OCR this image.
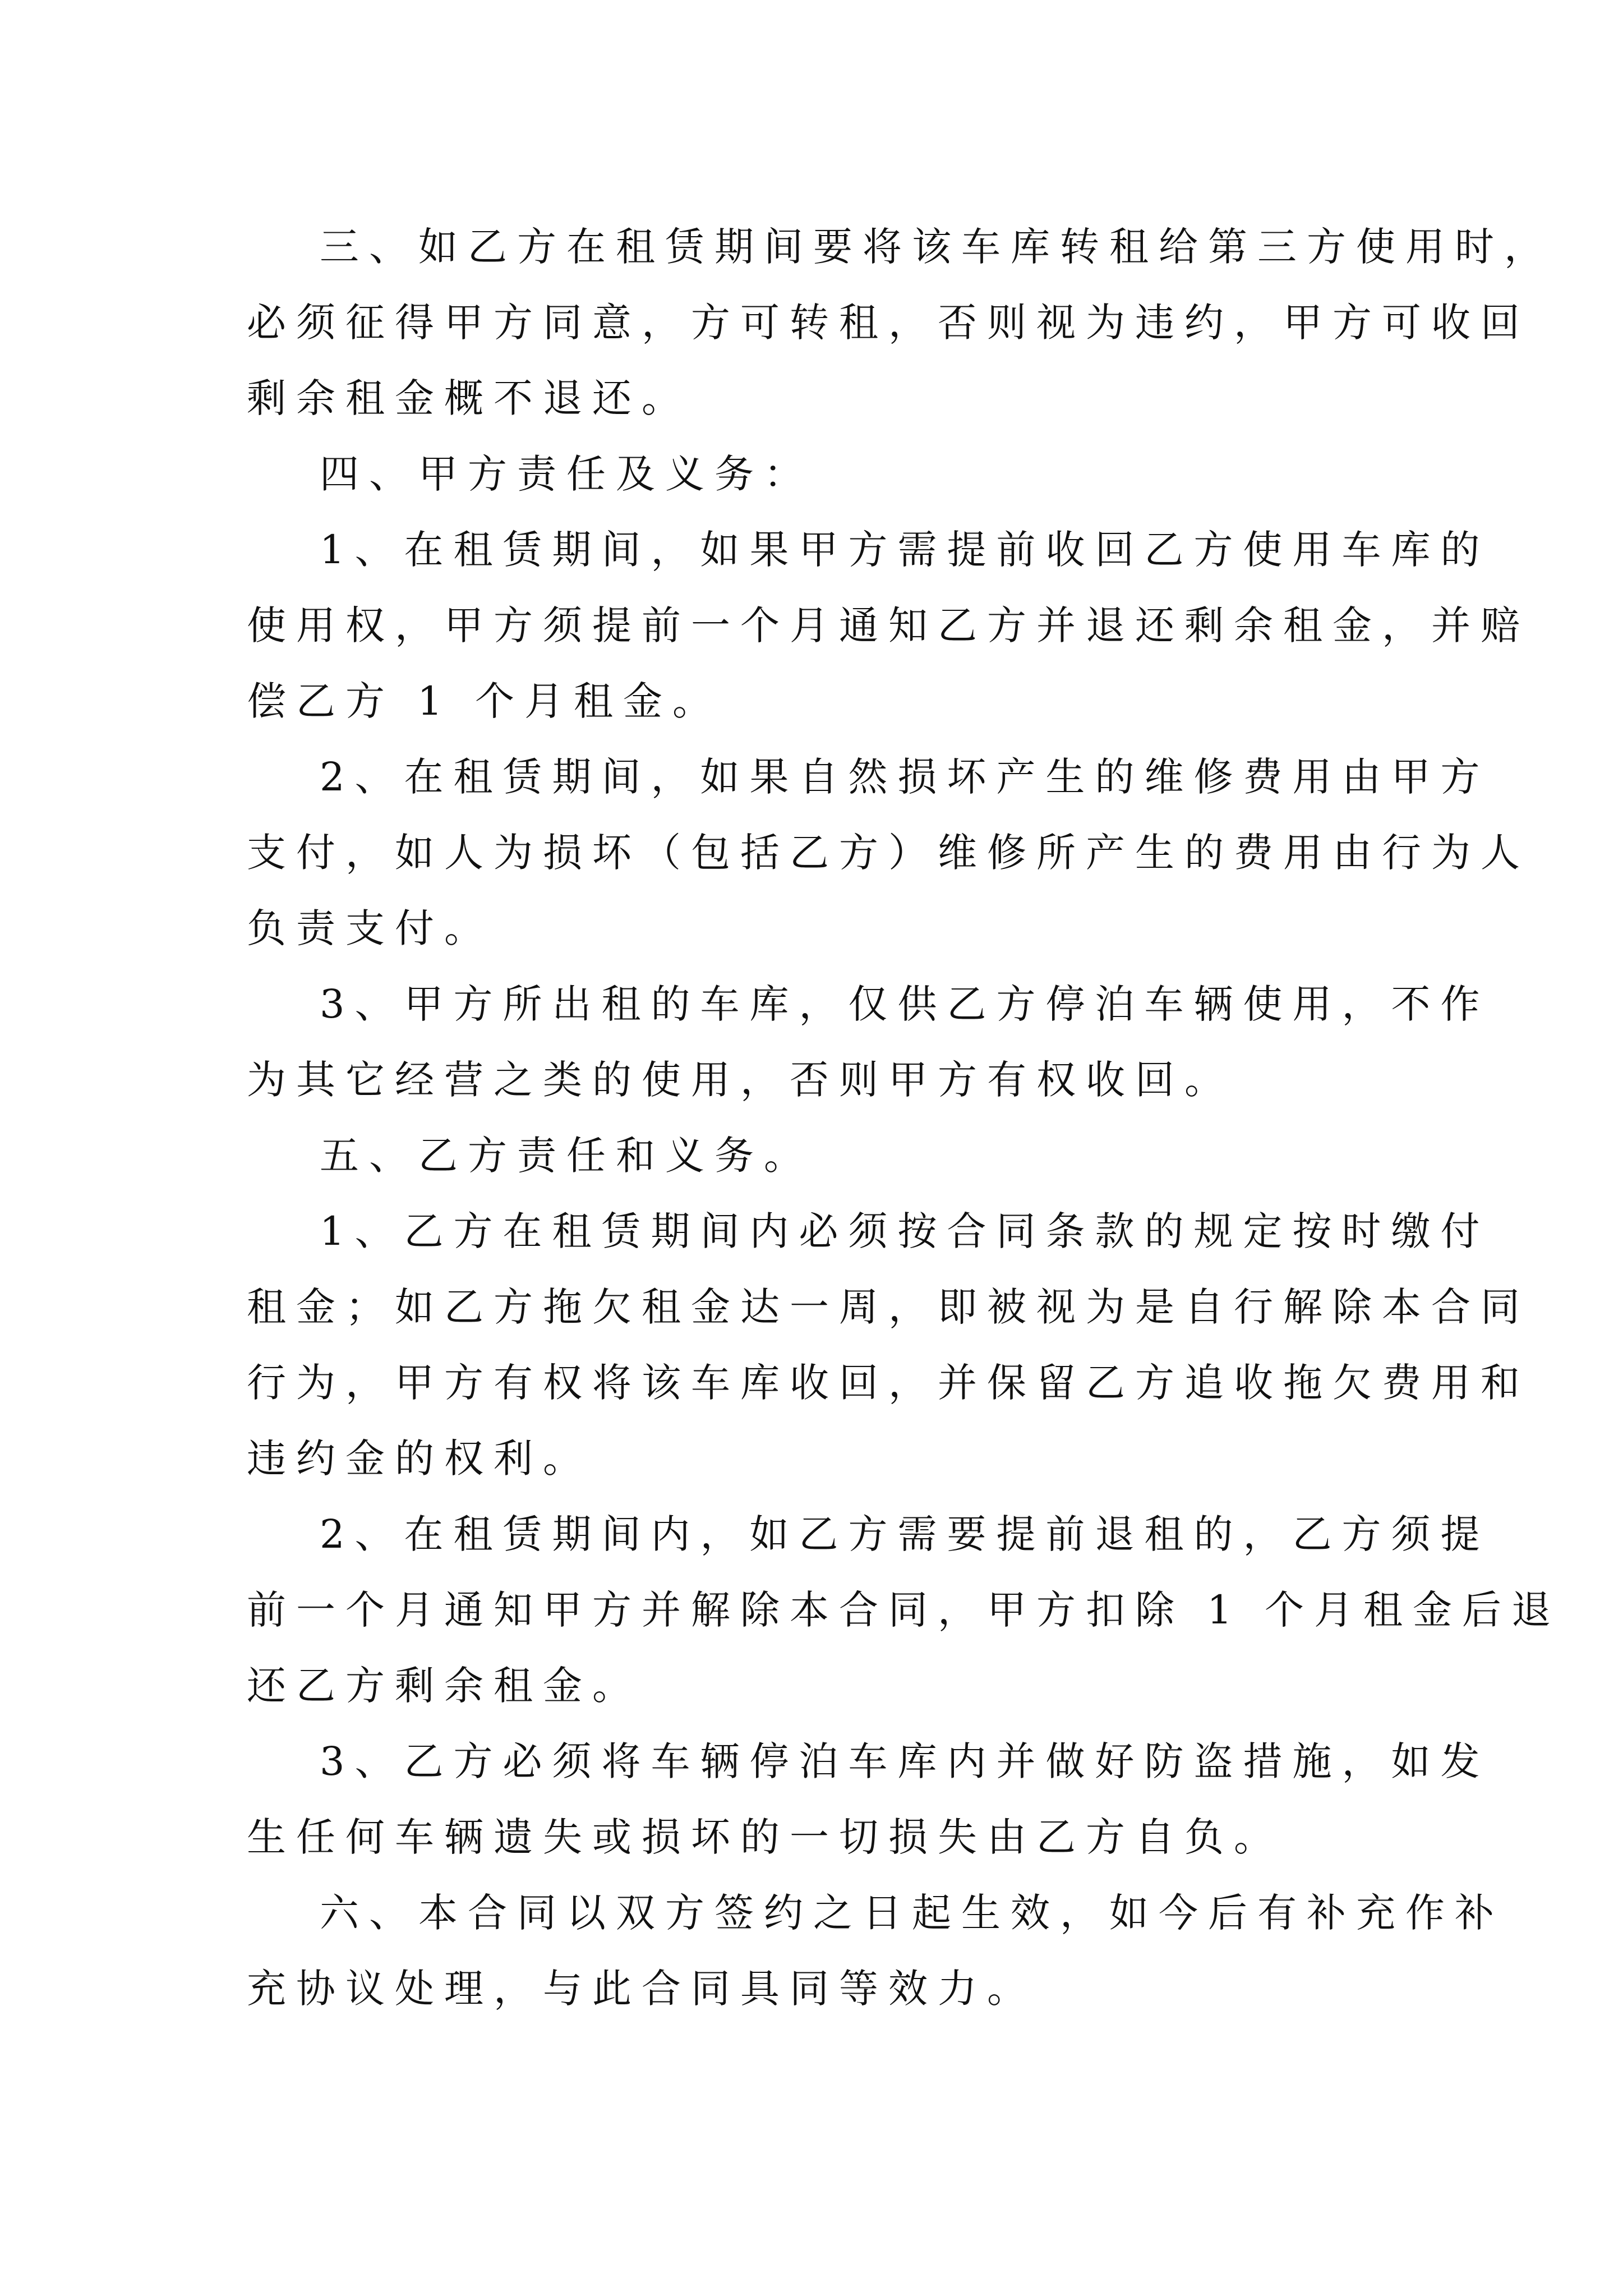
三、如乙方在租赁期间要将该车库转租给第三方使用时，
必须征得甲方同意，方可转租，否则视为违约，甲方可收回
剩余租金概不退还。
四、甲方责任及义务：
1、在租赁期间，如果甲方需提前收回乙方使用车库的
使用权，甲方须提前一个月通知乙方并退还剩余租金，并赔
偿乙方 1 个月租金。
2、在租赁期间，如果自然损坏产生的维修费用由甲方
支付，如人为损坏（包括乙方）维修所产生的费用由行为人
负责支付。
3、甲方所出租的车库，仅供乙方停泊车辆使用，不作
为其它经营之类的使用，否则甲方有权收回。
五、乙方责任和义务。
1、乙方在租赁期间内必须按合同条款的规定按时缴付
租金；如乙方拖欠租金达一周，即被视为是自行解除本合同
行为，甲方有权将该车库收回，并保留乙方追收拖欠费用和
违约金的权利。
2、在租赁期间内，如乙方需要提前退租的，乙方须提
前一个月通知甲方并解除本合同，甲方扣除 1 个月租金后退
还乙方剩余租金。
3、乙方必须将车辆停泊车库内并做好防盗措施，如发
生任何车辆遗失或损坏的一切损失由乙方自负。
六、本合同以双方签约之日起生效，如今后有补充作补
充协议处理，与此合同具同等效力。
